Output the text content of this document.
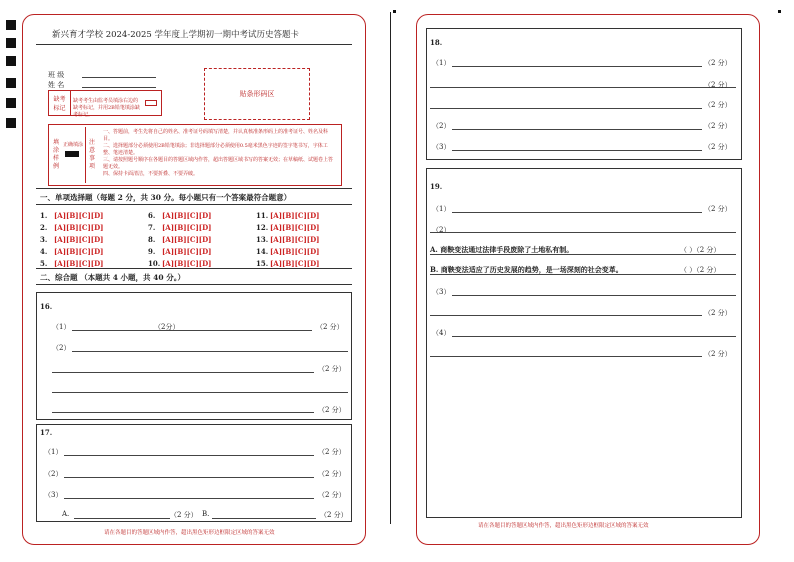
新兴育才学校 2024-2025 学年度上学期初一期中考试历史答题卡
班 级
姓 名
贴条形码区
缺考
标记
缺考考生由监考员填涂右边的
缺考标记，并用2B铅笔填涂缺考标记。
填
涂
样
例
正确填涂 注
意
事
项
一、答题前，考生先将自己的姓名、准考证号码填写清楚，并认真核准条形码上的准考证号、姓名及科目。
二、选择题部分必须使用2B铅笔填涂；非选择题部分必须使用0.5毫米黑色字迹的签字笔书写，字体工整、笔迹清楚。
三、请按照题号顺序在各题目的答题区域内作答，超出答题区域书写的答案无效；在草稿纸、试题卷上答题无效。
四、保持卡面清洁，不要折叠、不要弄破。
一、单项选择题（每题 2 分，共 30 分。每小题只有一个答案最符合题意）
1. [A][B][C][D]
2. [A][B][C][D]
3. [A][B][C][D]
4. [A][B][C][D]
5. [A][B][C][D]
6. [A][B][C][D]
7. [A][B][C][D]
8. [A][B][C][D]
9. [A][B][C][D]
10. [A][B][C][D]
11. [A][B][C][D]
12. [A][B][C][D]
13. [A][B][C][D]
14. [A][B][C][D]
15. [A][B][C][D]
二、综合题 （本题共 4 小题，共 40 分。）
16.
（1）	（2分）	（2 分）
（2）
（2 分）
（2 分）
17.
（1）	（2 分）
（2）	（2 分）
（3）	（2 分）
A.	（2 分） B.	（2 分）
请在各题目的答题区域内作答，超出黑色矩形边框限定区域的答案无效
18.
（1）	（2 分）
（2 分）
（2 分）
（2）	（2 分）
（3）	（2 分）
19.
（1）	（2 分）
（2）
A. 商鞅变法通过法律手段废除了土地私有制。	（ ）（2 分）
B. 商鞅变法适应了历史发展的趋势，是一场深刻的社会变革。	（ ）（2 分）
（3）
（2 分）
（4）
（2 分）
请在各题目的答题区域内作答，超出黑色矩形边框限定区域的答案无效
